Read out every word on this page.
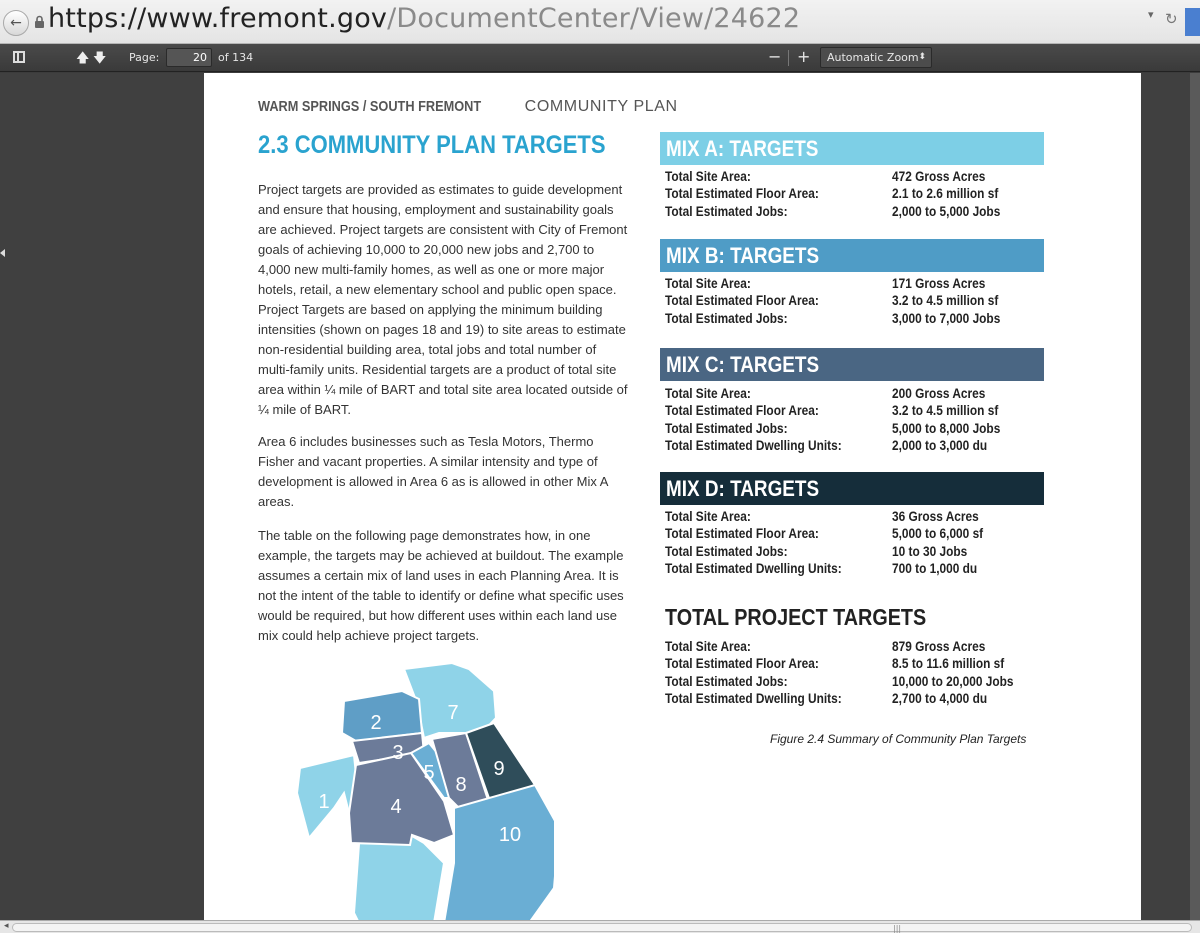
← https://www.fremont.gov/DocumentCenter/View/24622	▾ ↻
🡅 🡇 Page:	20	of 134	− +	Automatic Zoom ⬍
WARM SPRINGS / SOUTH FREMONT	COMMUNITY PLAN
2.3 COMMUNITY PLAN TARGETS
Project targets are provided as estimates to guide development and ensure that housing, employment and sustainability goals are achieved. Project targets are consistent with City of Fremont goals of achieving 10,000 to 20,000 new jobs and 2,700 to 4,000 new multi-family homes, as well as one or more major hotels, retail, a new elementary school and public open space. Project Targets are based on applying the minimum building intensities (shown on pages 18 and 19) to site areas to estimate non-residential building area, total jobs and total number of multi-family units. Residential targets are a product of total site area within ¼ mile of BART and total site area located outside of ¼ mile of BART.
Area 6 includes businesses such as Tesla Motors, Thermo Fisher and vacant properties. A similar intensity and type of development is allowed in Area 6 as is allowed in other Mix A areas.
The table on the following page demonstrates how, in one example, the targets may be achieved at buildout. The example assumes a certain mix of land uses in each Planning Area. It is not the intent of the table to identify or define what specific uses would be required, but how different uses within each land use mix could help achieve project targets.
MIX A: TARGETS
Total Site Area:	472 Gross Acres
Total Estimated Floor Area:	2.1 to 2.6 million sf
Total Estimated Jobs:	2,000 to 5,000 Jobs
MIX B: TARGETS
Total Site Area:	171 Gross Acres
Total Estimated Floor Area:	3.2 to 4.5 million sf
Total Estimated Jobs:	3,000 to 7,000 Jobs
MIX C: TARGETS
Total Site Area:	200 Gross Acres
Total Estimated Floor Area:	3.2 to 4.5 million sf
Total Estimated Jobs:	5,000 to 8,000 Jobs
Total Estimated Dwelling Units:	2,000 to 3,000 du
MIX D: TARGETS
Total Site Area:	36 Gross Acres
Total Estimated Floor Area:	5,000 to 6,000 sf
Total Estimated Jobs:	10 to 30 Jobs
Total Estimated Dwelling Units:	700 to 1,000 du
TOTAL PROJECT TARGETS
Total Site Area:	879 Gross Acres
Total Estimated Floor Area:	8.5 to 11.6 million sf
Total Estimated Jobs:	10,000 to 20,000 Jobs
Total Estimated Dwelling Units:	2,700 to 4,000 du
Figure 2.4 Summary of Community Plan Targets
1
2
3
4
5
7
8
9
10
◂	|||
